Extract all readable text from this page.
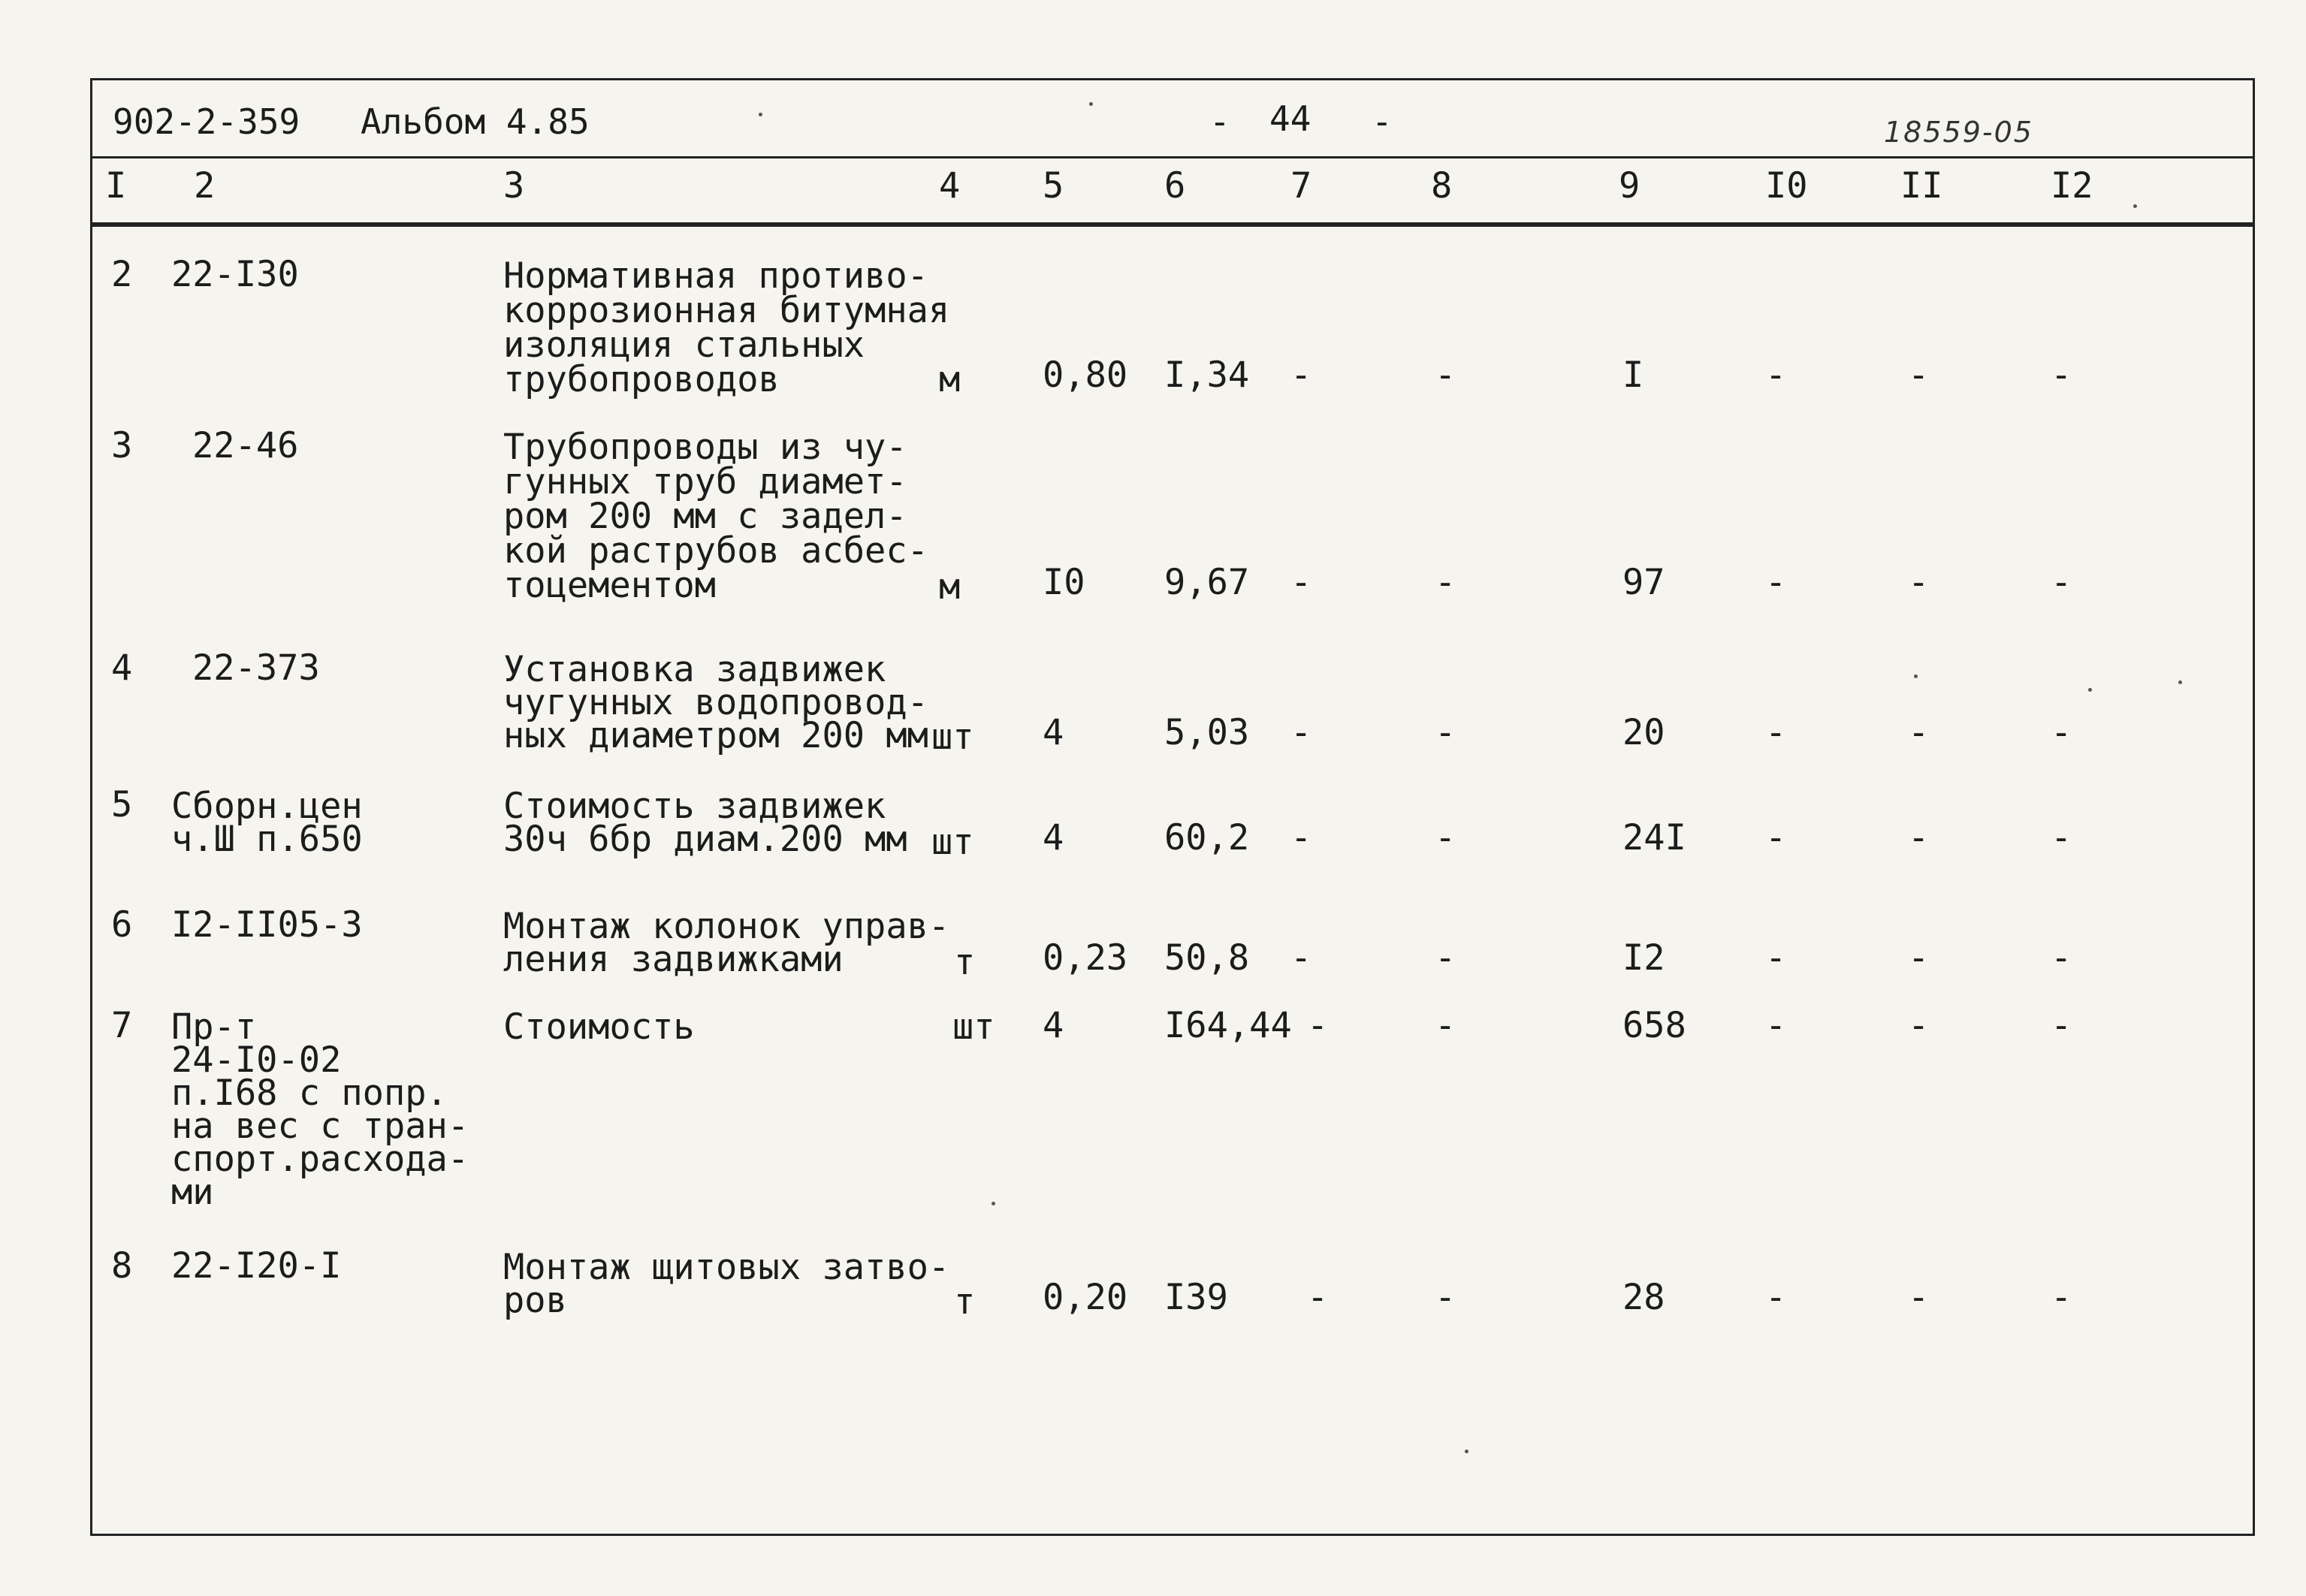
902-2-359 Альбом 4.85	- 44 -	18559-05
I 2	3	4 5	6	7	8	9	I0	II	I2
2 22-I30	Нормативная противо-
коррозионная битумная
изоляция стальных
трубопроводов	м 0,80 I,34 -	-	I	-	-	-
3 22-46	Трубопроводы из чу-
гунных труб диамет-
ром 200 мм с задел-
кой раструбов асбес-
тоцементом	м I0 9,67 -	-	97	-	-	-
4 22-373	Установка задвижек
чугунных водопровод-
ных диаметром 200 мм шт 4	5,03 -	-	20	-	-	-
5 Сборн.цен
ч.Ш п.650
Стоимость задвижек
30ч 6бр диам.200 мм шт 4	60,2 -	-	24I -	-	-
6 I2-II05-3	Монтаж колонок управ-
ления задвижками	т 0,23 50,8 -	-	I2	-	-	-
7 Пр-т
24-I0-02
п.I68 с попр.
на вес с тран-
спорт.расхода-
ми
Стоимость	шт 4	I64,44 -	-	658 -	-	-
8 22-I20-I	Монтаж щитовых затво-
ров	т 0,20 I39 -	-	28	-	-	-
